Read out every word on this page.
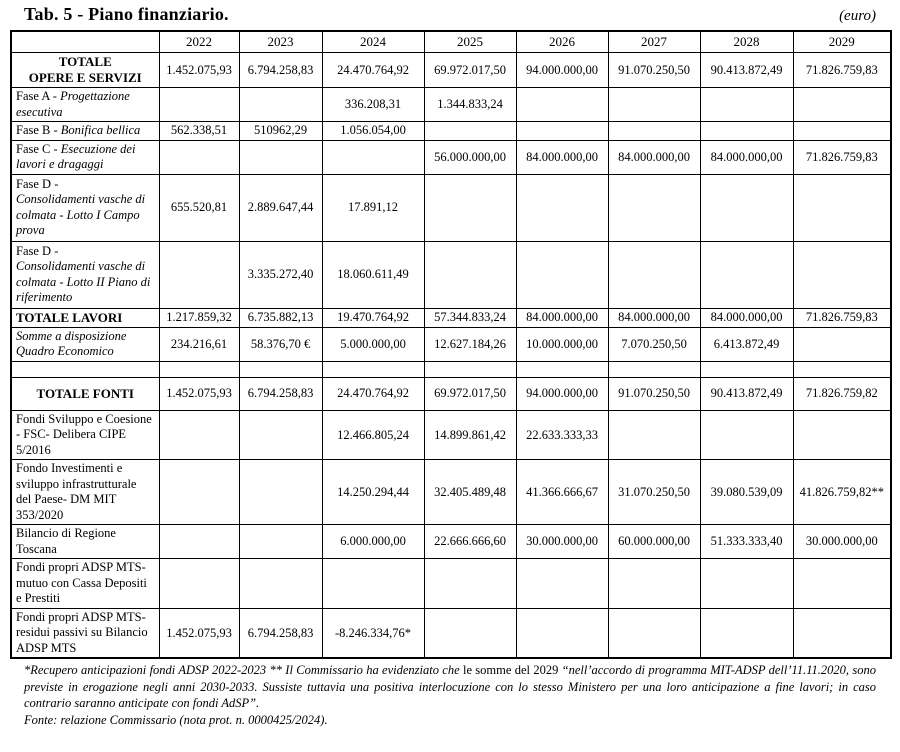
Tab. 5 - Piano finanziario.	(euro)
	2022	2023	2024	2025	2026	2027	2028	2029
TOTALE
OPERE E SERVIZI	1.452.075,93	6.794.258,83	24.470.764,92	69.972.017,50	94.000.000,00	91.070.250,50	90.413.872,49	71.826.759,83
Fase A - Progettazione esecutiva			336.208,31	1.344.833,24				
Fase B - Bonifica bellica	562.338,51	510962,29	1.056.054,00					
Fase C - Esecuzione dei lavori e dragaggi				56.000.000,00	84.000.000,00	84.000.000,00	84.000.000,00	71.826.759,83
Fase D -
Consolidamenti vasche di colmata - Lotto I Campo prova	655.520,81	2.889.647,44	17.891,12					
Fase D -
Consolidamenti vasche di colmata - Lotto II Piano di riferimento		3.335.272,40	18.060.611,49					
TOTALE LAVORI	1.217.859,32	6.735.882,13	19.470.764,92	57.344.833,24	84.000.000,00	84.000.000,00	84.000.000,00	71.826.759,83
Somme a disposizione Quadro Economico	234.216,61	58.376,70 €	5.000.000,00	12.627.184,26	10.000.000,00	7.070.250,50	6.413.872,49	

TOTALE FONTI	1.452.075,93	6.794.258,83	24.470.764,92	69.972.017,50	94.000.000,00	91.070.250,50	90.413.872,49	71.826.759,82
Fondi Sviluppo e Coesione - FSC- Delibera CIPE 5/2016			12.466.805,24	14.899.861,42	22.633.333,33			
Fondo Investimenti e sviluppo infrastrutturale del Paese- DM MIT 353/2020			14.250.294,44	32.405.489,48	41.366.666,67	31.070.250,50	39.080.539,09	41.826.759,82**
Bilancio di Regione Toscana			6.000.000,00	22.666.666,60	30.000.000,00	60.000.000,00	51.333.333,40	30.000.000,00
Fondi propri ADSP MTS- mutuo con Cassa Depositi e Prestiti								
Fondi propri ADSP MTS- residui passivi su Bilancio ADSP MTS	1.452.075,93	6.794.258,83	-8.246.334,76*					
*Recupero anticipazioni fondi ADSP 2022-2023 ** Il Commissario ha evidenziato che le somme del 2029 “nell’accordo di programma MIT-ADSP dell’11.11.2020, sono previste in erogazione negli anni 2030-2033. Sussiste tuttavia una positiva interlocuzione con lo stesso Ministero per una loro anticipazione a fine lavori; in caso contrario saranno anticipate con fondi AdSP”.
Fonte: relazione Commissario (nota prot. n. 0000425/2024).
